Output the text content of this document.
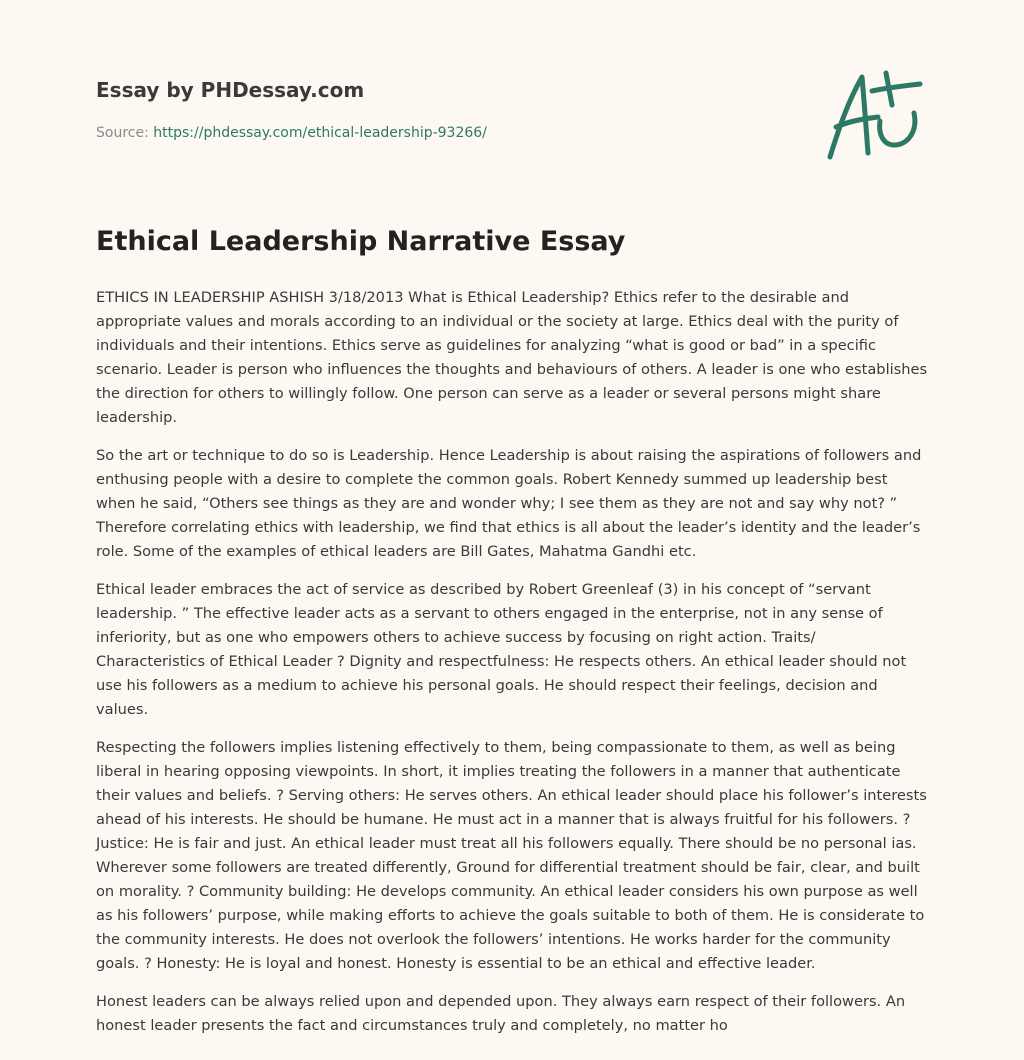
Essay by PHDessay.com
Source: https://phdessay.com/ethical-leadership-93266/
Ethical Leadership Narrative Essay

ETHICS IN LEADERSHIP ASHISH 3/18/2013 What is Ethical Leadership? Ethics refer to the desirable and appropriate values and morals according to an individual or the society at large. Ethics deal with the purity of individuals and their intentions. Ethics serve as guidelines for analyzing “what is good or bad” in a specific scenario. Leader is person who influences the thoughts and behaviours of others. A leader is one who establishes the direction for others to willingly follow. One person can serve as a leader or several persons might share leadership.

So the art or technique to do so is Leadership. Hence Leadership is about raising the aspirations of followers and enthusing people with a desire to complete the common goals. Robert Kennedy summed up leadership best when he said, “Others see things as they are and wonder why; I see them as they are not and say why not? ” Therefore correlating ethics with leadership, we find that ethics is all about the leader’s identity and the leader’s role. Some of the examples of ethical leaders are Bill Gates, Mahatma Gandhi etc.

Ethical leader embraces the act of service as described by Robert Greenleaf (3) in his concept of “servant leadership. ” The effective leader acts as a servant to others engaged in the enterprise, not in any sense of inferiority, but as one who empowers others to achieve success by focusing on right action. Traits/ Characteristics of Ethical Leader ? Dignity and respectfulness: He respects others. An ethical leader should not use his followers as a medium to achieve his personal goals. He should respect their feelings, decision and values.

Respecting the followers implies listening effectively to them, being compassionate to them, as well as being liberal in hearing opposing viewpoints. In short, it implies treating the followers in a manner that authenticate their values and beliefs. ? Serving others: He serves others. An ethical leader should place his follower’s interests ahead of his interests. He should be humane. He must act in a manner that is always fruitful for his followers. ? Justice: He is fair and just. An ethical leader must treat all his followers equally. There should be no personal ias. Wherever some followers are treated differently, Ground for differential treatment should be fair, clear, and built on morality. ? Community building: He develops community. An ethical leader considers his own purpose as well as his followers’ purpose, while making efforts to achieve the goals suitable to both of them. He is considerate to the community interests. He does not overlook the followers’ intentions. He works harder for the community goals. ? Honesty: He is loyal and honest. Honesty is essential to be an ethical and effective leader.

Honest leaders can be always relied upon and depended upon. They always earn respect of their followers. An honest leader presents the fact and circumstances truly and completely, no matter ho
